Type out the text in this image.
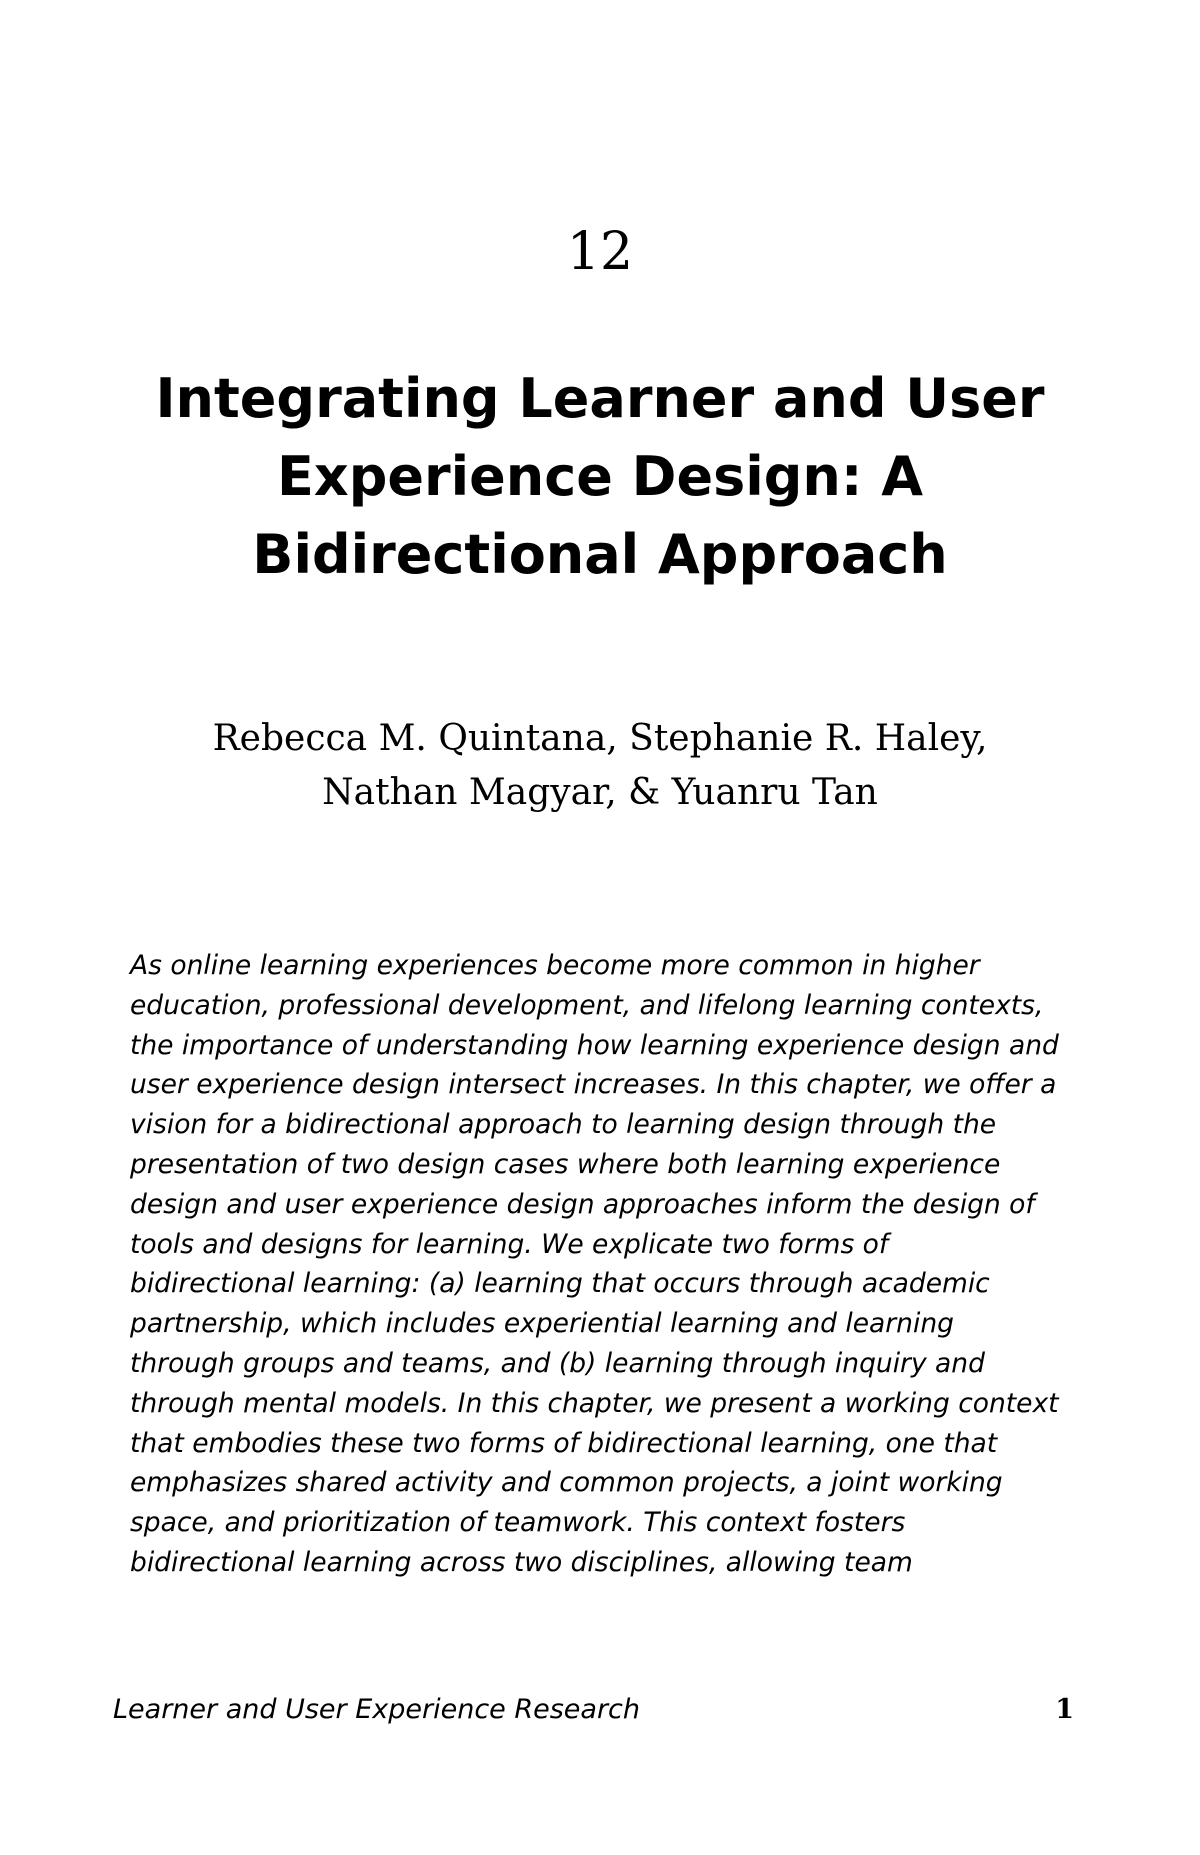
12
Integrating Learner and User Experience Design: A Bidirectional Approach
Rebecca M. Quintana, Stephanie R. Haley,
Nathan Magyar, & Yuanru Tan

As online learning experiences become more common in higher education, professional development, and lifelong learning contexts, the importance of understanding how learning experience design and user experience design intersect increases. In this chapter, we offer a vision for a bidirectional approach to learning design through the presentation of two design cases where both learning experience design and user experience design approaches inform the design of tools and designs for learning. We explicate two forms of bidirectional learning: (a) learning that occurs through academic partnership, which includes experiential learning and learning through groups and teams, and (b) learning through inquiry and through mental models. In this chapter, we present a working context that embodies these two forms of bidirectional learning, one that emphasizes shared activity and common projects, a joint working space, and prioritization of teamwork. This context fosters bidirectional learning across two disciplines, allowing team

Learner and User Experience Research	1
